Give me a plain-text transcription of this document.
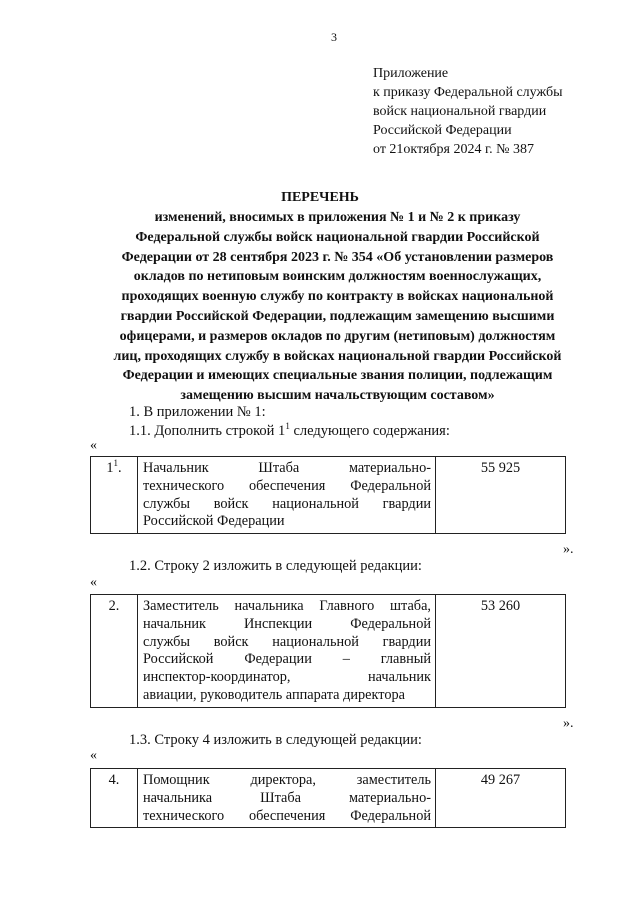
3
Приложение
к приказу Федеральной службы
войск национальной гвардии
Российской Федерации
от 21октября 2024 г. № 387
ПЕРЕЧЕНЬ
изменений, вносимых в приложения № 1 и № 2 к приказу
Федеральной службы войск национальной гвардии Российской
Федерации от 28 сентября 2023 г. № 354 «Об установлении размеров
окладов по нетиповым воинским должностям военнослужащих,
проходящих военную службу по контракту в войсках национальной
гвардии Российской Федерации, подлежащим замещению высшими
офицерами, и размеров окладов по другим (нетиповым) должностям
лиц, проходящих службу в войсках национальной гвардии Российской
Федерации и имеющих специальные звания полиции, подлежащим
замещению высшим начальствующим составом»
1. В приложении № 1:
1.1. Дополнить строкой $1^1$ следующего содержания:
«
$1^1$.	Начальник Штаба материально-
технического обеспечения Федеральной
службы войск национальной гвардии
Российской Федерации
	55 925
».
1.2. Строку 2 изложить в следующей редакции:
«
2.	Заместитель начальника Главного штаба,
начальник Инспекции Федеральной
службы войск национальной гвардии
Российской Федерации – главный
инспектор-координатор, начальник
авиации, руководитель аппарата директора
	53 260
».
1.3. Строку 4 изложить в следующей редакции:
«
4.	Помощник директора, заместитель
начальника Штаба материально-
технического обеспечения Федеральной
	49 267
